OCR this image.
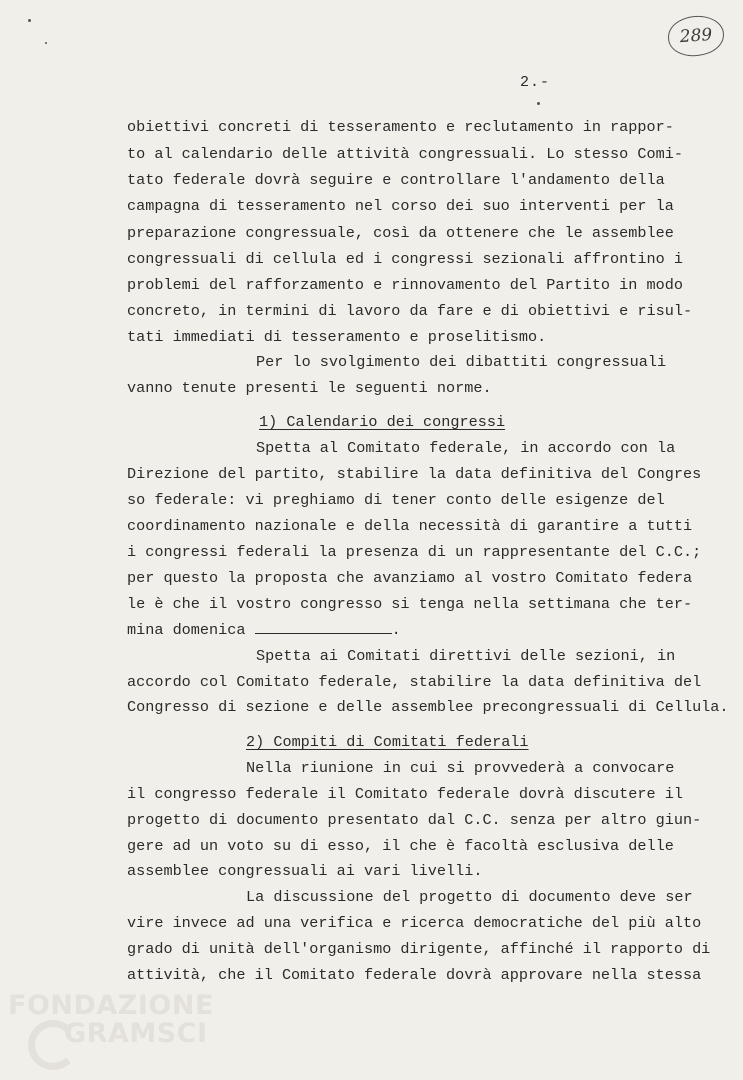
289
2.-
obiettivi concreti di tesseramento e reclutamento in rappor-
to al calendario delle attività congressuali. Lo stesso Comi-
tato federale dovrà seguire e controllare l'andamento della
campagna di tesseramento nel corso dei suo interventi per la
preparazione congressuale, così da ottenere che le assemblee
congressuali di cellula ed i congressi sezionali affrontino i
problemi del rafforzamento e rinnovamento del Partito in modo
concreto, in termini di lavoro da fare e di obiettivi e risul-
tati immediati di tesseramento e proselitismo.
Per lo svolgimento dei dibattiti congressuali
vanno tenute presenti le seguenti norme.
1) Calendario dei congressi
Spetta al Comitato federale, in accordo con la
Direzione del partito, stabilire la data definitiva del Congres
so federale: vi preghiamo di tener conto delle esigenze del
coordinamento nazionale e della necessità di garantire a tutti
i congressi federali la presenza di un rappresentante del C.C.;
per questo la proposta che avanziamo al vostro Comitato federa
le è che il vostro congresso si tenga nella settimana che ter-
mina domenica	.
Spetta ai Comitati direttivi delle sezioni, in
accordo col Comitato federale, stabilire la data definitiva del
Congresso di sezione e delle assemblee precongressuali di Cellula.
2) Compiti di Comitati federali
Nella riunione in cui si provvederà a convocare
il congresso federale il Comitato federale dovrà discutere il
progetto di documento presentato dal C.C. senza per altro giun-
gere ad un voto su di esso, il che è facoltà esclusiva delle
assemblee congressuali ai vari livelli.
La discussione del progetto di documento deve ser
vire invece ad una verifica e ricerca democratiche del più alto
grado di unità dell'organismo dirigente, affinché il rapporto di
attività, che il Comitato federale dovrà approvare nella stessa
FONDAZIONE
GRAMSCI
